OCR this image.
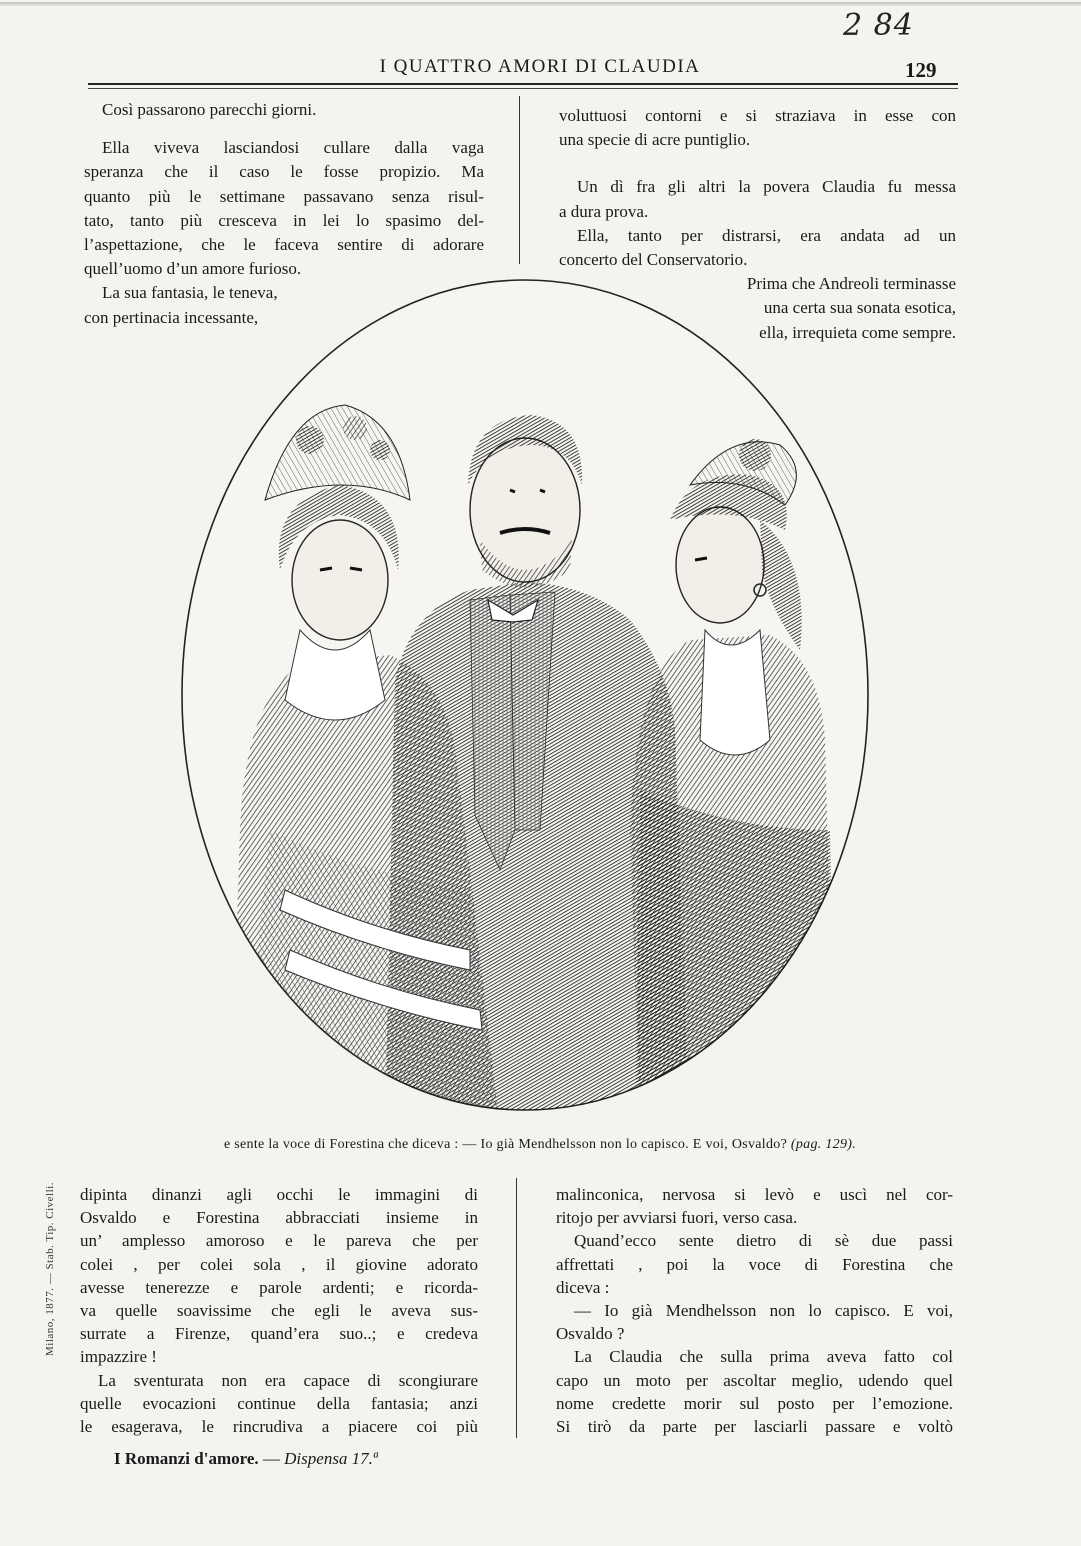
2 84
I QUATTRO AMORI DI CLAUDIA	129

Così passarono parecchi giorni.

Ella viveva lasciandosi cullare dalla vaga
speranza che il caso le fosse propizio. Ma
quanto più le settimane passavano senza risul-
tato, tanto più cresceva in lei lo spasimo del-
l’aspettazione, che le faceva sentire di adorare
quell’uomo d’un amore furioso.

La sua fantasia, le teneva,
con pertinacia incessante,

voluttuosi contorni e si straziava in esse con
una specie di acre puntiglio.

Un dì fra gli altri la povera Claudia fu messa
a dura prova.

Ella, tanto per distrarsi, era andata ad un
concerto del Conservatorio.

Prima che Andreoli terminasse
una certa sua sonata esotica,
ella, irrequieta come sempre.

e sente la voce di Forestina che diceva : — Io già Mendhelsson non lo capisco. E voi, Osvaldo? (pag. 129).

dipinta dinanzi agli occhi le immagini di
Osvaldo e Forestina abbracciati insieme in
un’ amplesso amoroso e le pareva che per
colei , per colei sola , il giovine adorato
avesse tenerezze e parole ardenti; e ricorda-
va quelle soavissime che egli le aveva sus-
surrate a Firenze, quand’era suo..; e credeva
impazzire !

La sventurata non era capace di scongiurare
quelle evocazioni continue della fantasia; anzi
le esagerava, le rincrudiva a piacere coi più

malinconica, nervosa si levò e uscì nel cor-
ritojo per avviarsi fuori, verso casa.

Quand’ecco sente dietro di sè due passi
affrettati , poi la voce di Forestina che
diceva :

— Io già Mendhelsson non lo capisco. E voi,
Osvaldo ?

La Claudia che sulla prima aveva fatto col
capo un moto per ascoltar meglio, udendo quel
nome credette morir sul posto per l’emozione.
Si tirò da parte per lasciarli passare e voltò

I Romanzi d'amore. — Dispensa 17.ª
Milano, 1877. — Stab. Tip. Civelli.
